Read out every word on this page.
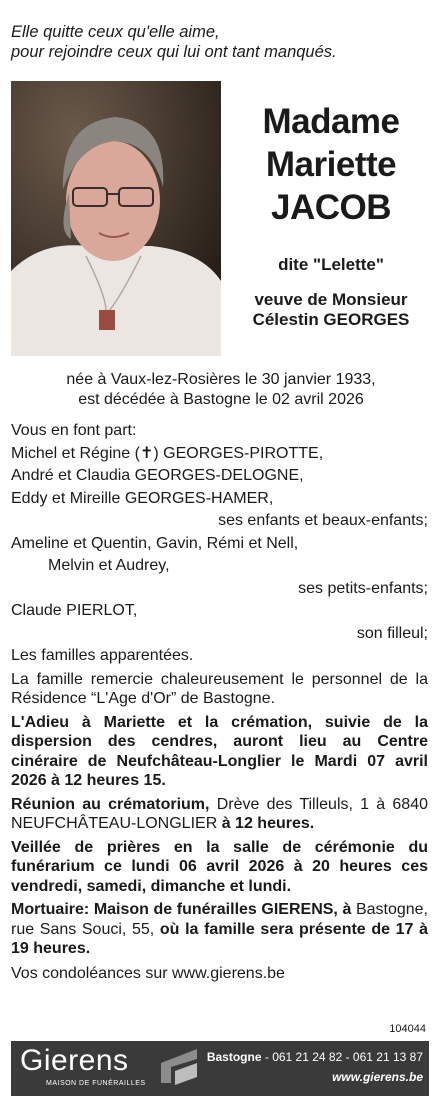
Elle quitte ceux qu'elle aime,
pour rejoindre ceux qui lui ont tant manqués.
Madame
Mariette
JACOB
dite "Lelette"
veuve de Monsieur
Célestin GEORGES
née à Vaux-lez-Rosières le 30 janvier 1933,
est décédée à Bastogne le 02 avril 2026
Vous en font part:
Michel et Régine (✝) GEORGES-PIROTTE,
André et Claudia GEORGES-DELOGNE,
Eddy et Mireille GEORGES-HAMER,
ses enfants et beaux-enfants;
Ameline et Quentin, Gavin, Rémi et Nell,
Melvin et Audrey,
ses petits-enfants;
Claude PIERLOT,
son filleul;
Les familles apparentées.
La famille remercie chaleureusement le personnel de la Résidence “L'Age d'Or” de Bastogne.
L'Adieu à Mariette et la crémation, suivie de la dispersion des cendres, auront lieu au Centre cinéraire de Neufchâteau-Longlier le Mardi 07 avril 2026 à 12 heures 15.
Réunion au crématorium, Drève des Tilleuls, 1 à 6840 NEUFCHÂTEAU-LONGLIER à 12 heures.
Veillée de prières en la salle de cérémonie du funérarium ce lundi 06 avril 2026 à 20 heures ces vendredi, samedi, dimanche et lundi.
Mortuaire: Maison de funérailles GIERENS, à Bastogne, rue Sans Souci, 55, où la famille sera présente de 17 à 19 heures.
Vos condoléances sur www.gierens.be
104044
Gierens
MAISON DE FUNÉRAILLES
Bastogne - 061 21 24 82 - 061 21 13 87
www.gierens.be
